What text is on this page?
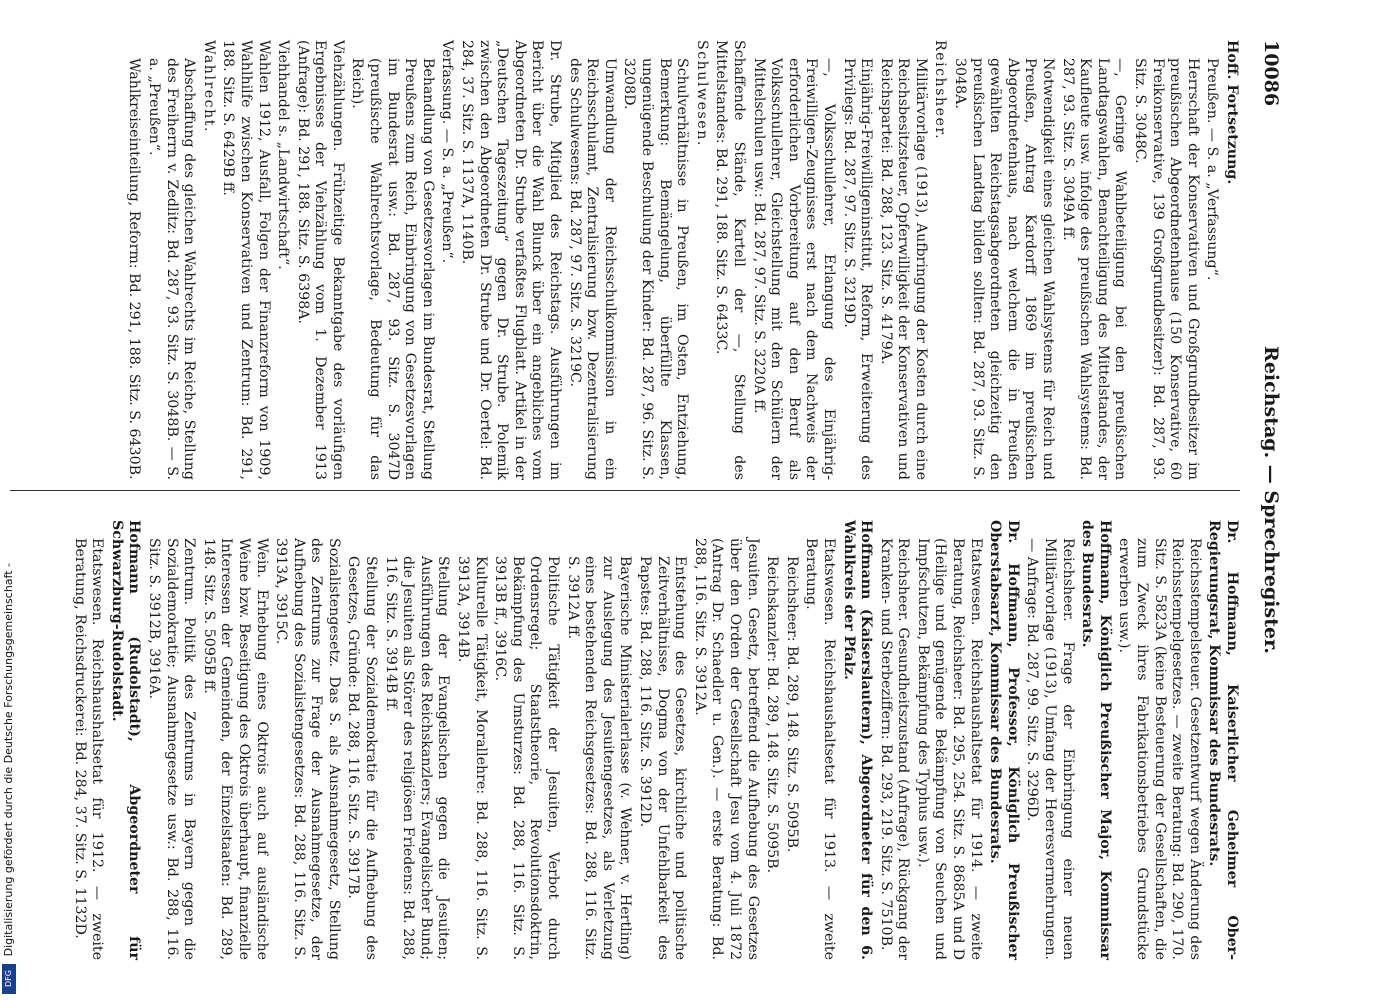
Digitalisierung gefördert durch die Deutsche Forschungsgemeinschaft -
DFG
10086
Reichstag. — Sprechregister.

Hoff. Fortsetzung.

Preußen. — S. a. „Verfassung“.

Herrschaft der Konservativen und Großgrundbesitzer im preußischen Abgeordnetenhause (150 Konservative, 60 Freikonservative, 139 Großgrundbesitzer): Bd. 287, 93. Sitz. S. 3048C.

—, Geringe Wahlbeteiligung bei den preußischen Landtagswahlen, Benachteiligung des Mittelstandes, der Kaufleute usw. infolge des preußischen Wahlsystems: Bd. 287, 93. Sitz. S. 3049A ff.

Notwendigkeit eines gleichen Wahlsystems für Reich und Preußen, Antrag Kardorff 1869 im preußischen Abgeordnetenhaus, nach welchem die in Preußen gewählten Reichstagsabgeordneten gleichzeitig den preußischen Landtag bilden sollten: Bd. 287, 93. Sitz. S. 3048A.

Reichsheer.

Militärvorlage (1913), Aufbringung der Kosten durch eine Reichsbesitzsteuer, Opferwilligkeit der Konservativen und Reichspartei: Bd. 288, 123. Sitz. S. 4179A.

Einjährig-Freiwilligeninstitut, Reform, Erweiterung des Privilegs: Bd. 287, 97. Sitz. S. 3219D.

—, Volksschullehrer, Erlangung des Einjährig-Freiwilligen-Zeugnisses erst nach dem Nachweis der erforderlichen Vorbereitung auf den Beruf als Volksschullehrer, Gleichstellung mit den Schülern der Mittelschulen usw.: Bd. 287, 97. Sitz. S. 3220A ff.

Schaffende Stände, Kartell der —, Stellung des Mittelstandes: Bd. 291, 188. Sitz. S. 6433C.

Schulwesen.

Schulverhältnisse in Preußen, im Osten, Entziehung, Bemerkung: Bemängelung, überfüllte Klassen, ungenügende Beschulung der Kinder: Bd. 287, 96. Sitz. S. 3208D.

Umwandlung der Reichsschulkommission in ein Reichsschulamt, Zentralisierung bzw. Dezentralisierung des Schulwesens: Bd. 287, 97. Sitz. S. 3219C.

Dr. Strube, Mitglied des Reichstags. Ausführungen im Bericht über die Wahl Blunck über ein angebliches vom Abgeordneten Dr. Strube verfaßtes Flugblatt. Artikel in der „Deutschen Tageszeitung“ gegen Dr. Strube. Polemik zwischen den Abgeordneten Dr. Strube und Dr. Oertel: Bd. 284, 37. Sitz. S. 1137A, 1140B.

Verfassung. — S. a. „Preußen“.

Behandlung von Gesetzesvorlagen im Bundesrat, Stellung Preußens zum Reich, Einbringung von Gesetzesvorlagen im Bundesrat usw.: Bd. 287, 93. Sitz. S. 3047D (preußische Wahlrechtsvorlage, Bedeutung für das Reich).

Viehzählungen. Frühzeitige Bekanntgabe des vorläufigen Ergebnisses der Viehzählung vom 1. Dezember 1913 (Anfrage): Bd. 291, 188. Sitz. S. 6398A.

Viehhandel s. „Landwirtschaft“.

Wahlen 1912, Ausfall, Folgen der Finanzreform von 1909, Wahlhilfe zwischen Konservativen und Zentrum: Bd. 291, 188. Sitz. S. 6429B ff.

Wahlrecht.

Abschaffung des gleichen Wahlrechts im Reiche, Stellung des Freiherrn v. Zedlitz: Bd. 287, 93. Sitz. S. 3048B. — S. a. „Preußen“.

Wahlkreiseinteilung, Reform: Bd. 291, 188. Sitz. S. 6430B.

Dr. Hoffmann, Kaiserlicher Geheimer Ober-Regierungsrat, Kommissar des Bundesrats.

Reichsstempelsteuer. Gesetzentwurf wegen Änderung des Reichsstempelgesetzes. — zweite Beratung: Bd. 290, 170. Sitz. S. 5823A (keine Besteuerung der Gesellschaften, die zum Zweck ihres Fabrikationsbetriebes Grundstücke erwerben usw.).

Hoffmann, Königlich Preußischer Major, Kommissar des Bundesrats.

Reichsheer. Frage der Einbringung einer neuen Militärvorlage (1913), Umfang der Heeresvermehrungen. — Anfrage: Bd. 287, 99. Sitz. S. 3296D.

Dr. Hoffmann, Professor, Königlich Preußischer Oberstabsarzt, Kommissar des Bundesrats.

Etatswesen. Reichshaushaltsetat für 1914. — zweite Beratung, Reichsheer: Bd. 295, 254. Sitz. S. 8685A und D (Heilige und genügende Bekämpfung von Seuchen und Impfschutzen, Bekämpfung des Typhus usw.).

Reichsheer. Gesundheitszustand (Anfrage), Rückgang der Kranken- und Sterbeziffern: Bd. 293, 219. Sitz. S. 7510B.

Hoffmann (Kaiserslautern), Abgeordneter für den 6. Wahlkreis der Pfalz.

Etatswesen. Reichshaushaltsetat für 1913. — zweite Beratung.

Reichsheer: Bd. 289, 148. Sitz. S. 5095B.

Reichskanzler: Bd. 289, 148. Sitz. S. 5095B.

Jesuiten. Gesetz, betreffend die Aufhebung des Gesetzes über den Orden der Gesellschaft Jesu vom 4. Juli 1872 (Antrag Dr. Schaedler u. Gen.). — erste Beratung: Bd. 288, 116. Sitz. S. 3912A.

Entstehung des Gesetzes, kirchliche und politische Zeitverhältnisse, Dogma von der Unfehlbarkeit des Papstes: Bd. 288, 116. Sitz. S. 3912D.

Bayerische Ministerialerlasse (v. Wehner, v. Hertling) zur Auslegung des Jesuitengesetzes, als Verletzung eines bestehenden Reichsgesetzes: Bd. 288, 116. Sitz. S. 3912A ff.

Politische Tätigkeit der Jesuiten, Verbot durch Ordensregel; Staatstheorie, Revolutionsdoktrin, Bekämpfung des Umsturzes: Bd. 288, 116. Sitz. S. 3913B ff., 3916C.

Kulturelle Tätigkeit, Morallehre: Bd. 288, 116. Sitz. S. 3913A, 3914B.

Stellung der Evangelischen gegen die Jesuiten; Ausführungen des Reichskanzlers; Evangelischer Bund; die Jesuiten als Störer des religiösen Friedens: Bd. 288, 116. Sitz. S. 3914B ff.

Stellung der Sozialdemokratie für die Aufhebung des Gesetzes, Gründe: Bd. 288, 116. Sitz. S. 3917B.

Sozialistengesetz. Das S. als Ausnahmegesetz, Stellung des Zentrums zur Frage der Ausnahmegesetze, der Aufhebung des Sozialistengesetzes: Bd. 288, 116. Sitz. S. 3913A, 3915C.

Wein. Erhebung eines Oktrois auch auf ausländische Weine bzw. Beseitigung des Oktrois überhaupt, finanzielle Interessen der Gemeinden, der Einzelstaaten: Bd. 289, 148. Sitz. S. 5095B ff.

Zentrum. Politik des Zentrums in Bayern gegen die Sozialdemokratie; Ausnahmegesetze usw.: Bd. 288, 116. Sitz. S. 3912B, 3916A.

Hofmann (Rudolstadt), Abgeordneter für Schwarzburg-Rudolstadt.

Etatswesen. Reichshaushaltsetat für 1912. — zweite Beratung, Reichsdruckerei: Bd. 284, 37. Sitz. S. 1132D.
